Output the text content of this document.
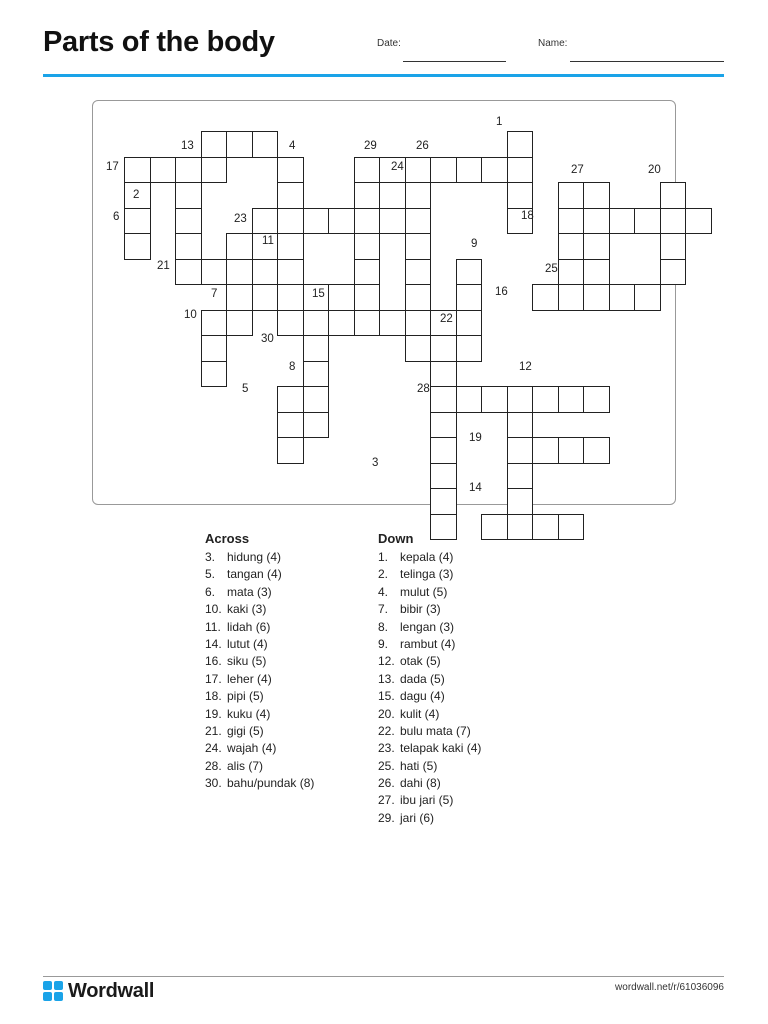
Parts of the body	Date:	Name:
1
2
3
4
5
6
7
8
9
10
11
12
13
14
15	16
17
18
19
20
21
22
23
24
25
26
27
28
29
30
Across
3. hidung (4)
5. tangan (4)
6. mata (3)
10. kaki (3)
11. lidah (6)
14. lutut (4)
16. siku (5)
17. leher (4)
18. pipi (5)
19. kuku (4)
21. gigi (5)
24. wajah (4)
28. alis (7)
30. bahu/pundak (8)
Down
1. kepala (4)
2. telinga (3)
4. mulut (5)
7. bibir (3)
8. lengan (3)
9. rambut (4)
12. otak (5)
13. dada (5)
15. dagu (4)
20. kulit (4)
22. bulu mata (7)
23. telapak kaki (4)
25. hati (5)
26. dahi (8)
27. ibu jari (5)
29. jari (6)
Wordwall	wordwall.net/r/61036096
